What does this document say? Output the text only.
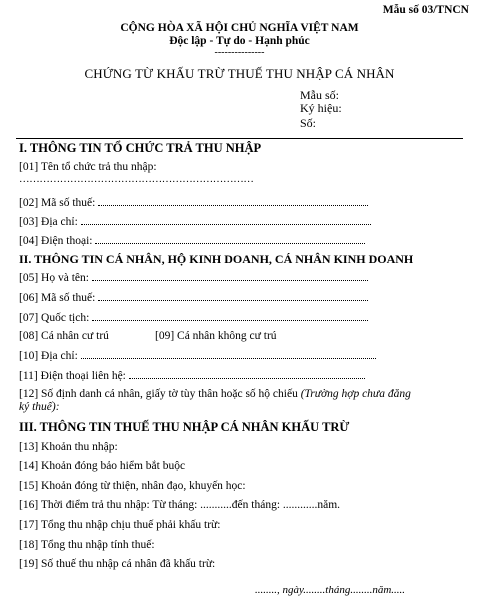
Mẫu số 03/TNCN
CỘNG HÒA XÃ HỘI CHỦ NGHĨA VIỆT NAM
Độc lập - Tự do - Hạnh phúc
---------------
CHỨNG TỪ KHẤU TRỪ THUẾ THU NHẬP CÁ NHÂN
Mẫu số:
Ký hiệu:
Số:
I. THÔNG TIN TỔ CHỨC TRẢ THU NHẬP
[01] Tên tổ chức trả thu nhập:
……………………………………………………………
[02] Mã số thuế:
[03] Địa chỉ:
[04] Điện thoại:
II. THÔNG TIN CÁ NHÂN, HỘ KINH DOANH, CÁ NHÂN KINH DOANH
[05] Họ và tên:
[06] Mã số thuế:
[07] Quốc tịch:
[08] Cá nhân cư trú	[09] Cá nhân không cư trú
[10] Địa chỉ:
[11] Điện thoại liên hệ:
[12] Số định danh cá nhân, giấy tờ tùy thân hoặc số hộ chiếu (Trường hợp chưa đăng
ký thuế):
III. THÔNG TIN THUẾ THU NHẬP CÁ NHÂN KHẤU TRỪ
[13] Khoản thu nhập:
[14] Khoản đóng bảo hiểm bắt buộc
[15] Khoản đóng từ thiện, nhân đạo, khuyến học:
[16] Thời điểm trả thu nhập: Từ tháng: ...........đến tháng: ............năm.
[17] Tổng thu nhập chịu thuế phải khấu trừ:
[18] Tổng thu nhập tính thuế:
[19] Số thuế thu nhập cá nhân đã khấu trừ:
........, ngày........tháng........năm.....
